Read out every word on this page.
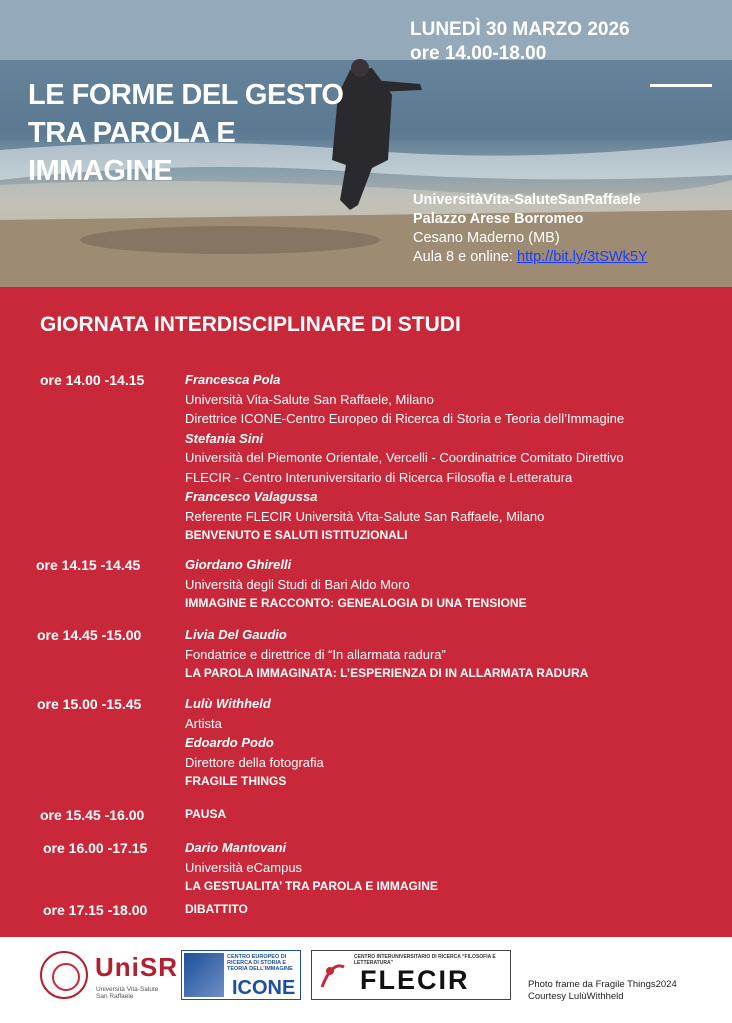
LUNEDÌ 30 MARZO 2026
ore 14.00-18.00
LE FORME DEL GESTO
TRA PAROLA E
IMMAGINE
UniversitàVita-SaluteSanRaffaele
Palazzo Arese Borromeo
Cesano Maderno (MB)
Aula 8 e online: http://bit.ly/3tSWk5Y
GIORNATA INTERDISCIPLINARE DI STUDI
ore 14.00 -14.15	Francesca Pola
Università Vita-Salute San Raffaele, Milano
Direttrice ICONE-Centro Europeo di Ricerca di Storia e Teoria dell’Immagine
Stefania Sini
Università del Piemonte Orientale, Vercelli - Coordinatrice Comitato Direttivo
FLECIR - Centro Interuniversitario di Ricerca Filosofia e Letteratura
Francesco Valagussa
Referente FLECIR Università Vita-Salute San Raffaele, Milano
BENVENUTO E SALUTI ISTITUZIONALI
ore 14.15 -14.45	Giordano Ghirelli
Università degli Studi di Bari Aldo Moro
IMMAGINE E RACCONTO: GENEALOGIA DI UNA TENSIONE
ore 14.45 -15.00	Livia Del Gaudio
Fondatrice e direttrice di “In allarmata radura”
LA PAROLA IMMAGINATA: L’ESPERIENZA DI IN ALLARMATA RADURA
ore 15.00 -15.45	Lulù Withheld
Artista
Edoardo Podo
Direttore della fotografia
FRAGILE THINGS
ore 15.45 -16.00	PAUSA
ore 16.00 -17.15	Dario Mantovani
Università eCampus
LA GESTUALITA’ TRA PAROLA E IMMAGINE
ore 17.15 -18.00	DIBATTITO
UniSR
Università Vita-Salute
San Raffaele
CENTRO EUROPEO DI RICERCA DI STORIA E TEORIA DELL’IMMAGINE
ICONE
CENTRO INTERUNIVERSITARIO DI RICERCA “FILOSOFIA E LETTERATURA”
FLECIR	Photo frame da Fragile Things2024
Courtesy LulùWithheld
